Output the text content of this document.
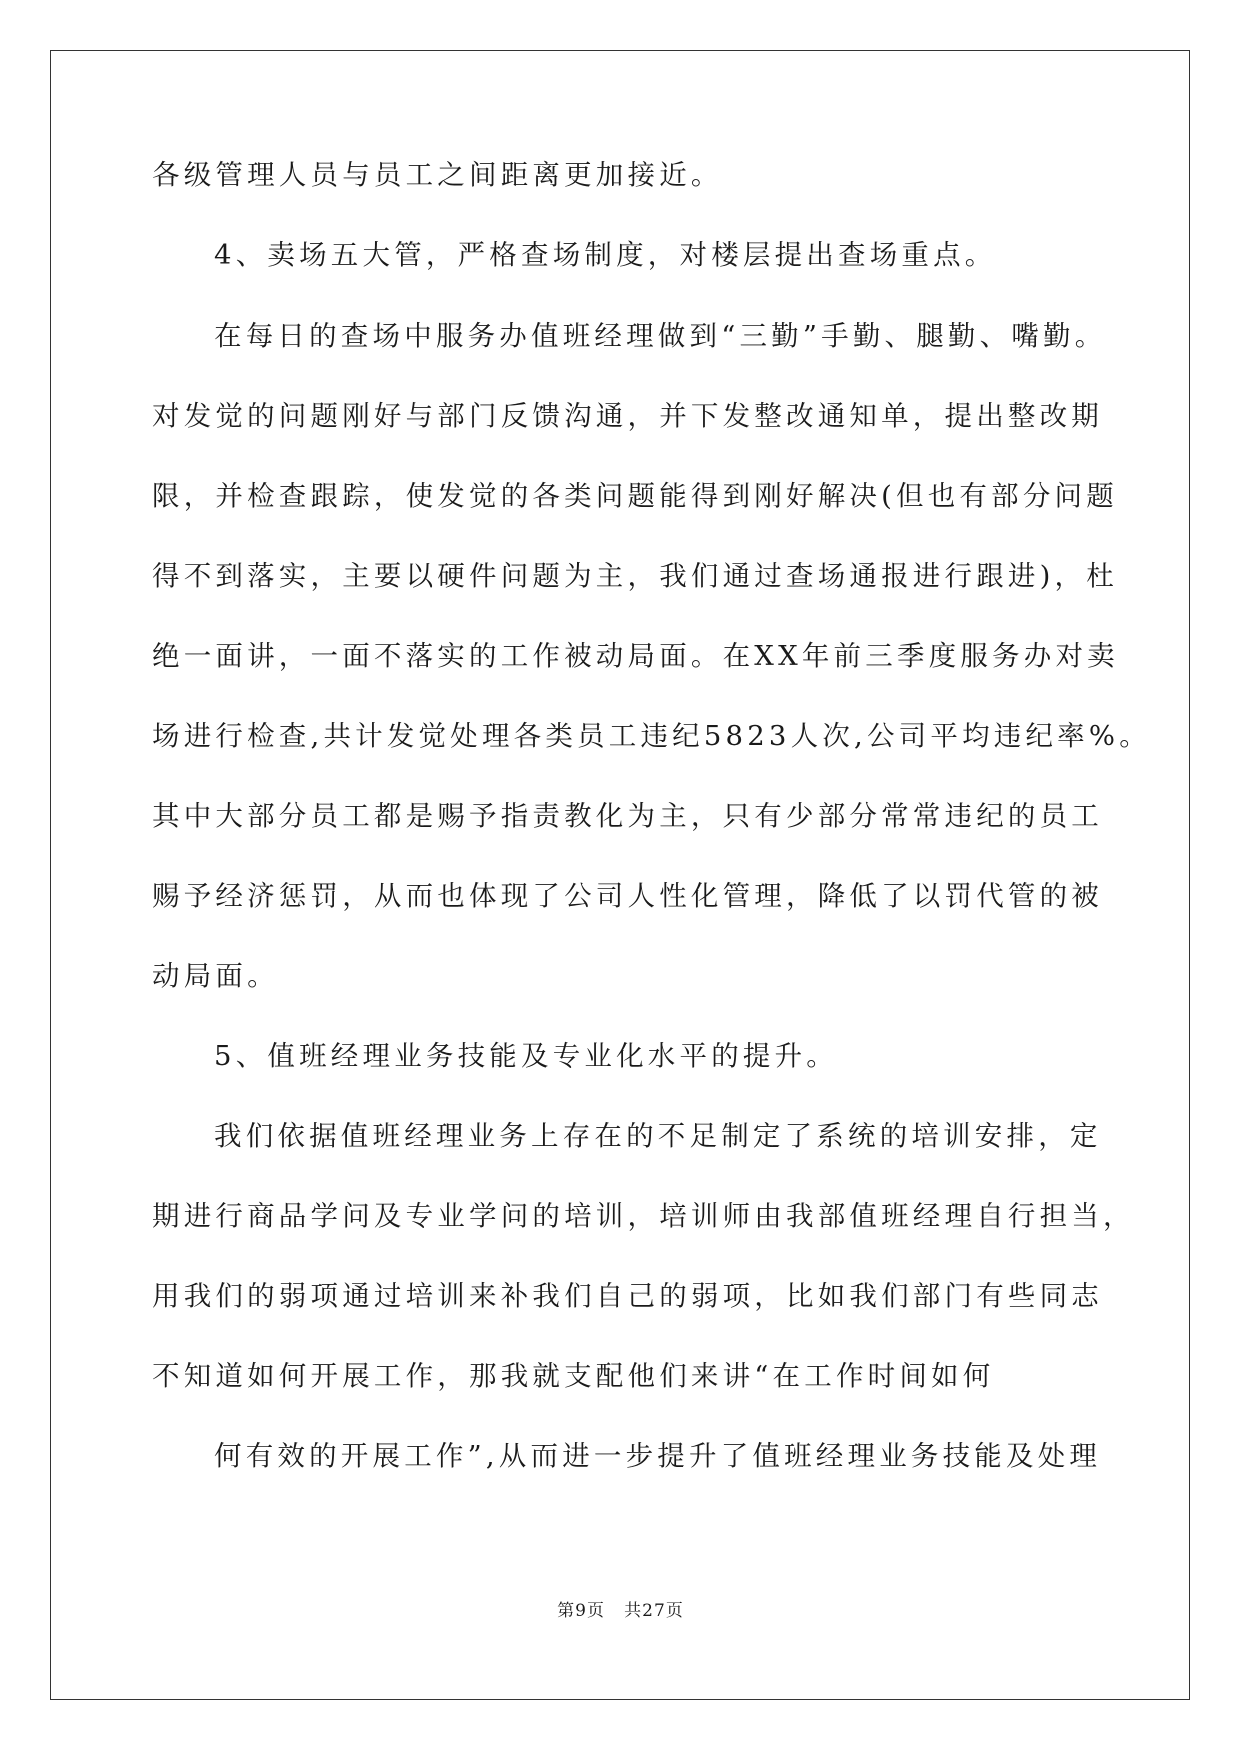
各级管理人员与员工之间距离更加接近。
4、卖场五大管，严格查场制度，对楼层提出查场重点。
在每日的查场中服务办值班经理做到“三勤”手勤、腿勤、嘴勤。
对发觉的问题刚好与部门反馈沟通，并下发整改通知单，提出整改期
限，并检查跟踪，使发觉的各类问题能得到刚好解决(但也有部分问题
得不到落实，主要以硬件问题为主，我们通过查场通报进行跟进)，杜
绝一面讲，一面不落实的工作被动局面。在XX年前三季度服务办对卖
场进行检查,共计发觉处理各类员工违纪5823人次,公司平均违纪率%。
其中大部分员工都是赐予指责教化为主，只有少部分常常违纪的员工
赐予经济惩罚，从而也体现了公司人性化管理，降低了以罚代管的被
动局面。
5、值班经理业务技能及专业化水平的提升。
我们依据值班经理业务上存在的不足制定了系统的培训安排，定
期进行商品学问及专业学问的培训，培训师由我部值班经理自行担当，
用我们的弱项通过培训来补我们自己的弱项，比如我们部门有些同志
不知道如何开展工作，那我就支配他们来讲“在工作时间如何
何有效的开展工作”,从而进一步提升了值班经理业务技能及处理
第9页   共27页
